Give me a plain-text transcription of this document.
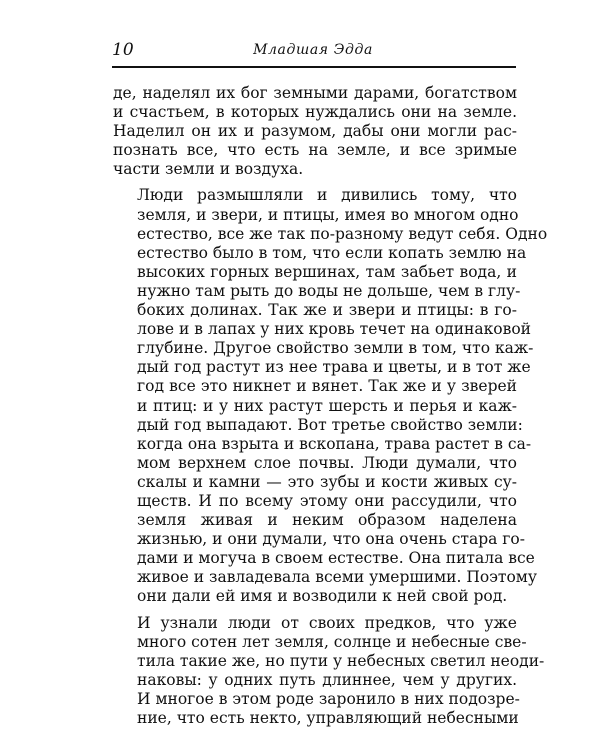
10	Младшая Эдда

де, наделял их бог земными дарами, богатством
и счастьем, в которых нуждались они на земле.
Наделил он их и разумом, дабы они могли рас-
познать все, что есть на земле, и все зримые
части земли и воздуха.

Люди размышляли и дивились тому, что
земля, и звери, и птицы, имея во многом одно
естество, все же так по-разному ведут себя. Одно
естество было в том, что если копать землю на
высоких горных вершинах, там забьет вода, и
нужно там рыть до воды не дольше, чем в глу-
боких долинах. Так же и звери и птицы: в го-
лове и в лапах у них кровь течет на одинаковой
глубине. Другое свойство земли в том, что каж-
дый год растут из нее трава и цветы, и в тот же
год все это никнет и вянет. Так же и у зверей
и птиц: и у них растут шерсть и перья и каж-
дый год выпадают. Вот третье свойство земли:
когда она взрыта и вскопана, трава растет в са-
мом верхнем слое почвы. Люди думали, что
скалы и камни — это зубы и кости живых су-
ществ. И по всему этому они рассудили, что
земля живая и неким образом наделена
жизнью, и они думали, что она очень стара го-
дами и могуча в своем естестве. Она питала все
живое и завладевала всеми умершими. Поэтому
они дали ей имя и возводили к ней свой род.

И узнали люди от своих предков, что уже
много сотен лет земля, солнце и небесные све-
тила такие же, но пути у небесных светил неоди-
наковы: у одних путь длиннее, чем у других.
И многое в этом роде заронило в них подозре-
ние, что есть некто, управляющий небесными
